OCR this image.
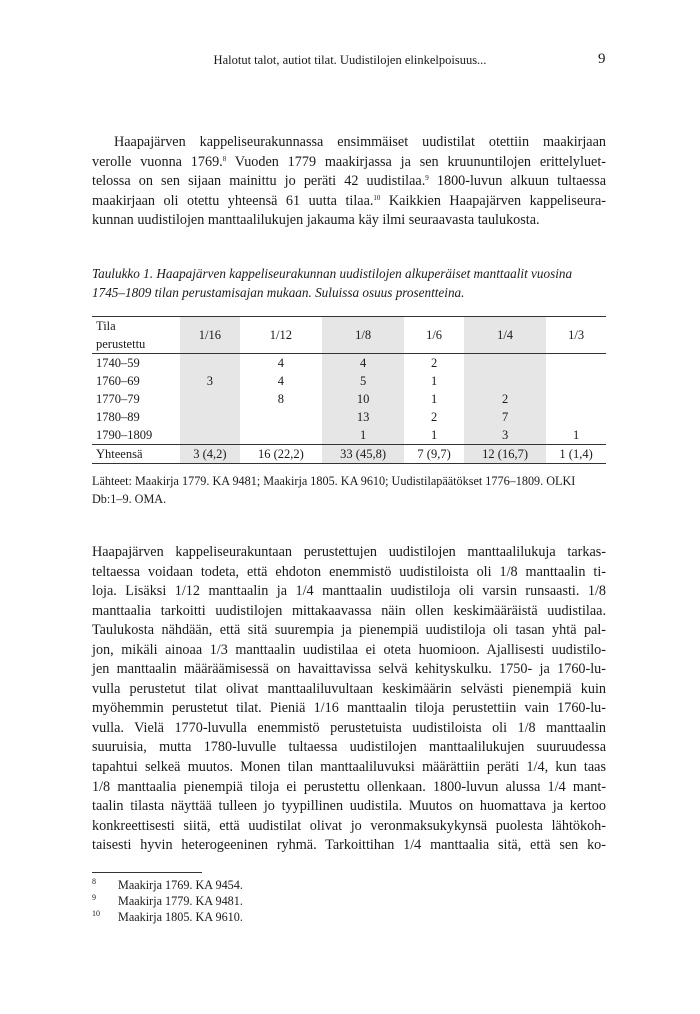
Halotut talot, autiot tilat. Uudistilojen elinkelpoisuus...	9

Haapajärven kappeliseurakunnassa ensimmäiset uudistilat otettiin maakirjaan
verolle vuonna 1769.$^8$ Vuoden 1779 maakirjassa ja sen kruununtilojen erittelyluet-
telossa on sen sijaan mainittu jo peräti 42 uudistilaa.$^9$ 1800-luvun alkuun tultaessa
maakirjaan oli otettu yhteensä 61 uutta tilaa.$^{10}$ Kaikkien Haapajärven kappeliseura-
kunnan uudistilojen manttaalilukujen jakauma käy ilmi seuraavasta taulukosta.

Taulukko 1. Haapajärven kappeliseurakunnan uudistilojen alkuperäiset manttaalit vuosina
1745–1809 tilan perustamisajan mukaan. Suluissa osuus prosentteina.

Tila
perustettu	1/16	1/12	1/8	1/6	1/4	1/3
1740–59		4	4	2		
1760–69	3	4	5	1		
1770–79		8	10	1	2	
1780–89			13	2	7	
1790–1809			1	1	3	1
Yhteensä	3 (4,2)	16 (22,2)	33 (45,8)	7 (9,7)	12 (16,7)	1 (1,4)

Lähteet: Maakirja 1779. KA 9481; Maakirja 1805. KA 9610; Uudistilapäätökset 1776–1809. OLKI
Db:1–9. OMA.

Haapajärven kappeliseurakuntaan perustettujen uudistilojen manttaalilukuja tarkas-
teltaessa voidaan todeta, että ehdoton enemmistö uudistiloista oli 1/8 manttaalin ti-
loja. Lisäksi 1/12 manttaalin ja 1/4 manttaalin uudistiloja oli varsin runsaasti. 1/8
manttaalia tarkoitti uudistilojen mittakaavassa näin ollen keskimääräistä uudistilaa.
Taulukosta nähdään, että sitä suurempia ja pienempiä uudistiloja oli tasan yhtä pal-
jon, mikäli ainoaa 1/3 manttaalin uudistilaa ei oteta huomioon. Ajallisesti uudistilo-
jen manttaalin määräämisessä on havaittavissa selvä kehityskulku. 1750- ja 1760-lu-
vulla perustetut tilat olivat manttaaliluvultaan keskimäärin selvästi pienempiä kuin
myöhemmin perustetut tilat. Pieniä 1/16 manttaalin tiloja perustettiin vain 1760-lu-
vulla. Vielä 1770-luvulla enemmistö perustetuista uudistiloista oli 1/8 manttaalin
suuruisia, mutta 1780-luvulle tultaessa uudistilojen manttaalilukujen suuruudessa
tapahtui selkeä muutos. Monen tilan manttaaliluvuksi määrättiin peräti 1/4, kun taas
1/8 manttaalia pienempiä tiloja ei perustettu ollenkaan. 1800-luvun alussa 1/4 mant-
taalin tilasta näyttää tulleen jo tyypillinen uudistila. Muutos on huomattava ja kertoo
konkreettisesti siitä, että uudistilat olivat jo veronmaksukykynsä puolesta lähtökoh-
taisesti hyvin heterogeeninen ryhmä. Tarkoittihan 1/4 manttaalia sitä, että sen ko-

8 Maakirja 1769. KA 9454.
9 Maakirja 1779. KA 9481.
10 Maakirja 1805. KA 9610.
